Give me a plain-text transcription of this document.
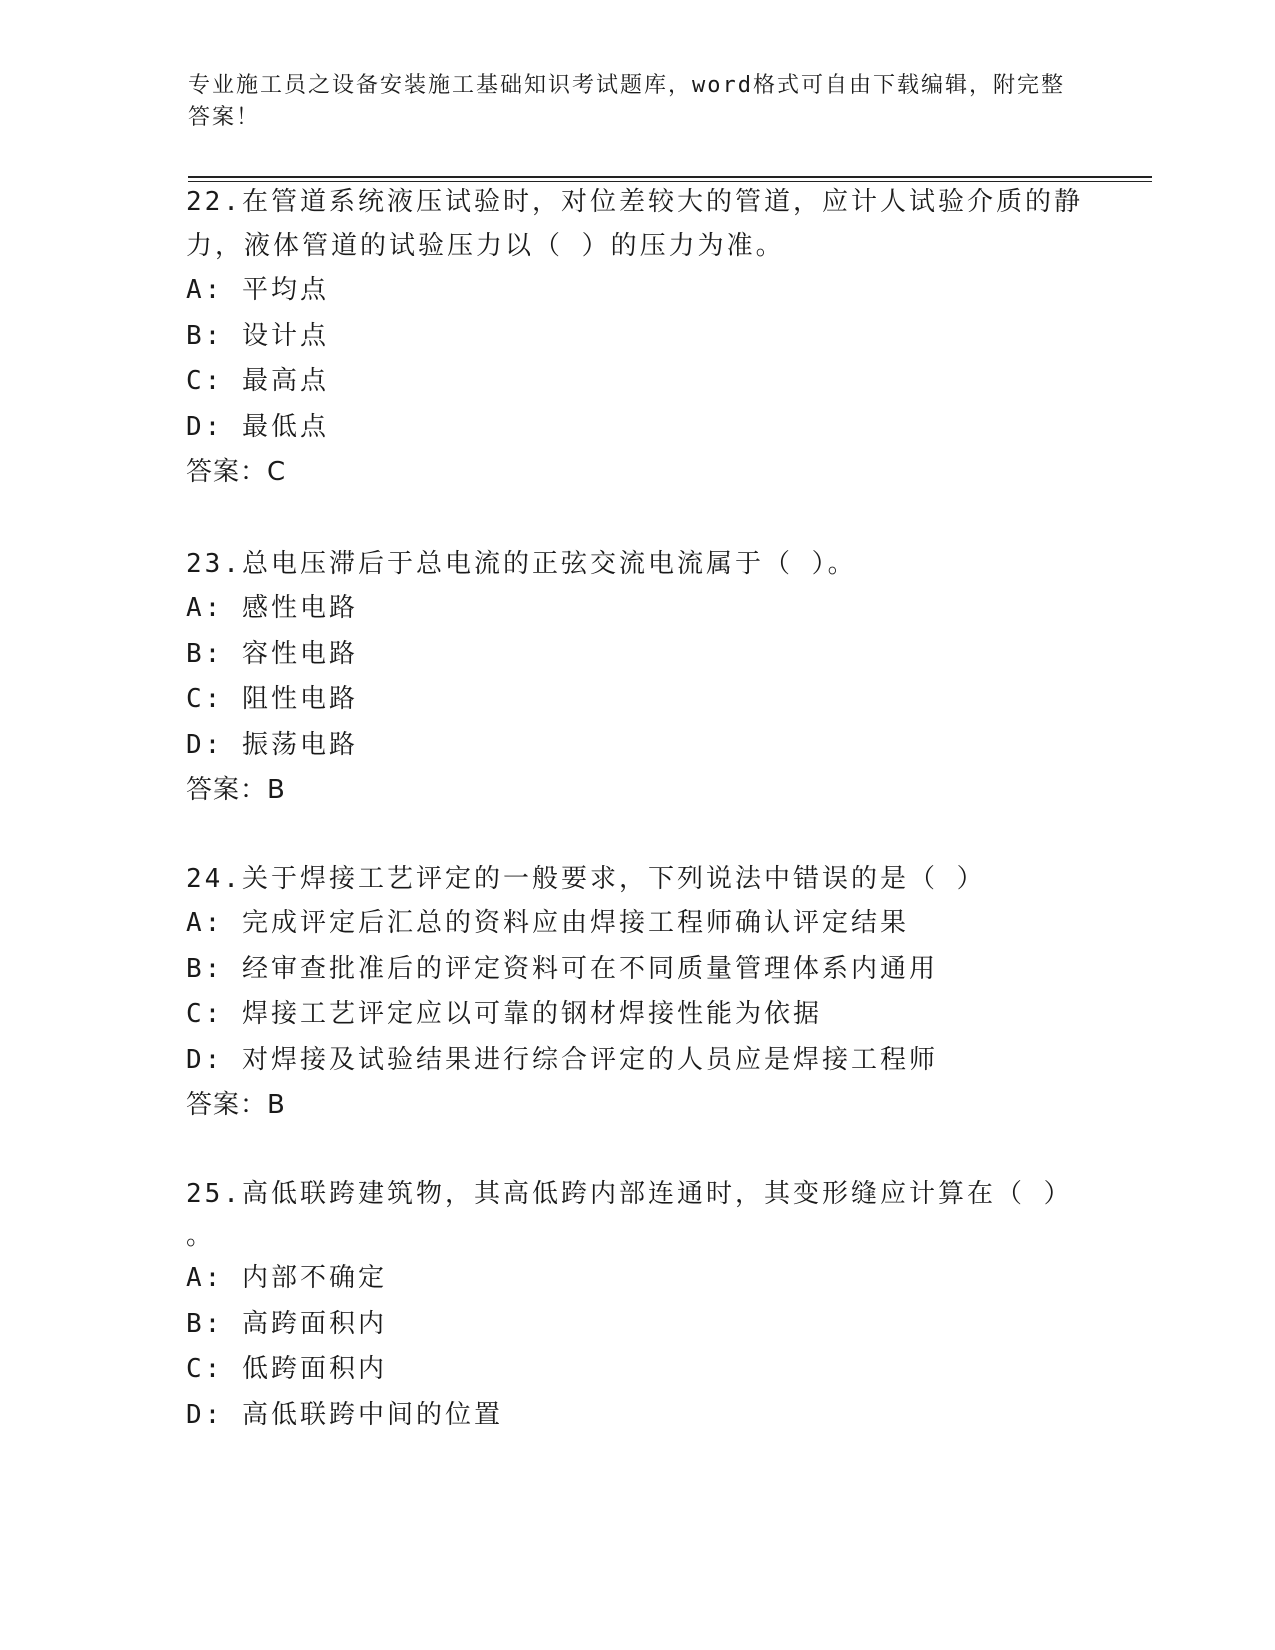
专业施工员之设备安装施工基础知识考试题库，word格式可自由下载编辑，附完整答案！

22.在管道系统液压试验时，对位差较大的管道，应计人试验介质的静力，液体管道的试验压力以（ ）的压力为准。

A: 平均点

B: 设计点

C: 最高点

D: 最低点

答案：C

23.总电压滞后于总电流的正弦交流电流属于（ ）。

A: 感性电路

B: 容性电路

C: 阻性电路

D: 振荡电路

答案：B

24.关于焊接工艺评定的一般要求，下列说法中错误的是（ ）

A: 完成评定后汇总的资料应由焊接工程师确认评定结果

B: 经审查批准后的评定资料可在不同质量管理体系内通用

C: 焊接工艺评定应以可靠的钢材焊接性能为依据

D: 对焊接及试验结果进行综合评定的人员应是焊接工程师

答案：B

25.高低联跨建筑物，其高低跨内部连通时，其变形缝应计算在（ ）

。

A: 内部不确定

B: 高跨面积内

C: 低跨面积内

D: 高低联跨中间的位置
